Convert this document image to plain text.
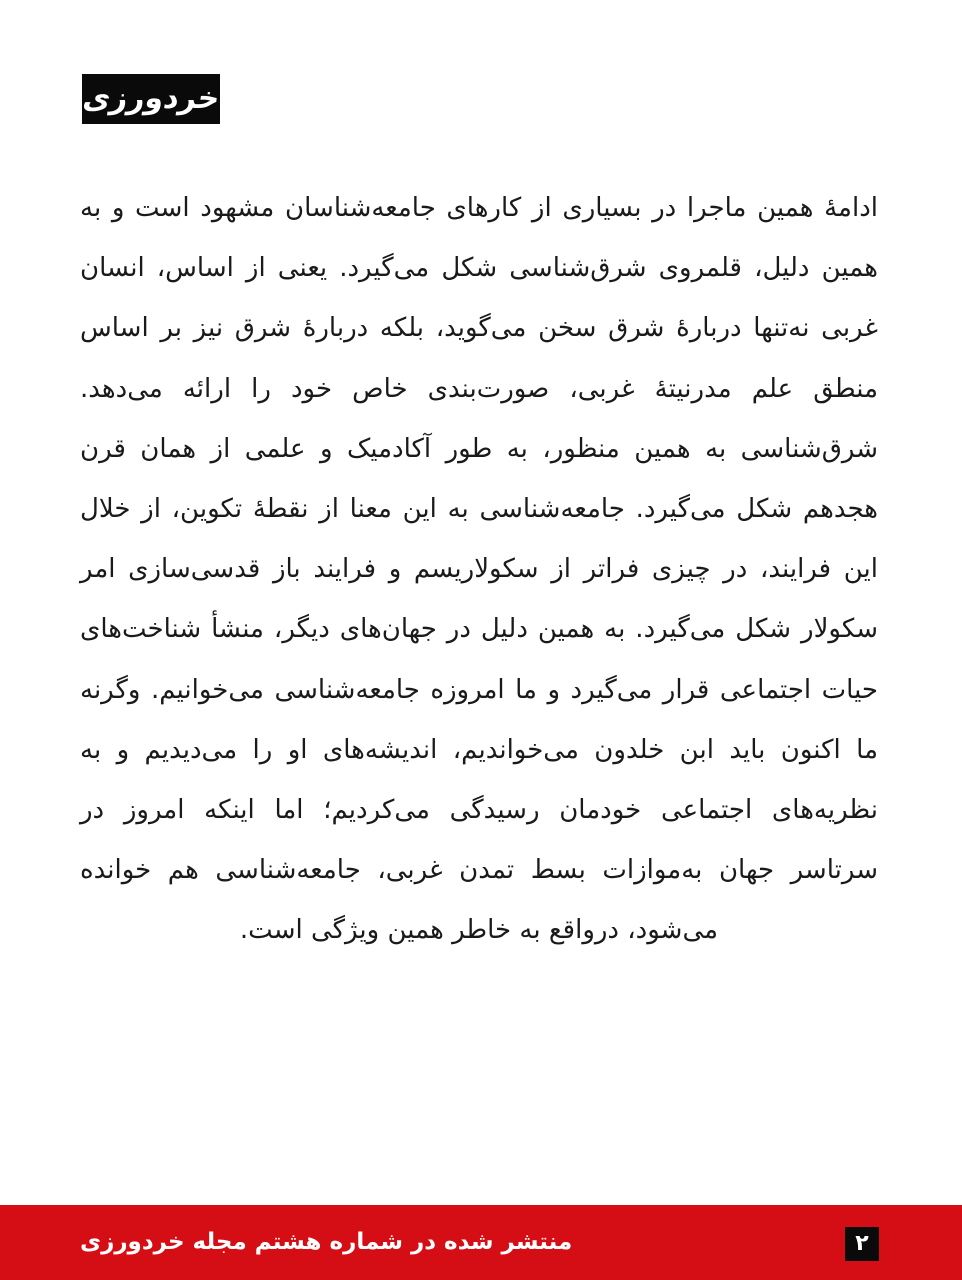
خردورزی

ادامهٔ همین ماجرا در بسیاری از کارهای جامعه‌شناسان مشهود است و به همین دلیل، قلمروی شرق‌شناسی شکل می‌گیرد. یعنی از اساس، انسان غربی نه‌تنها دربارهٔ شرق سخن می‌گوید، بلکه دربارهٔ شرق نیز بر اساس منطق علم مدرنیتهٔ غربی، صورت‌بندی خاص خود را ارائه می‌دهد. شرق‌شناسی به همین منظور، به طور آکادمیک و علمی از همان قرن هجدهم شکل می‌گیرد. جامعه‌شناسی به این معنا از نقطهٔ تکوین، از خلال این فرایند، در چیزی فراتر از سکولاریسم و فرایند باز قدسی‌سازی امر سکولار شکل می‌گیرد. به همین دلیل در جهان‌های دیگر، منشأ شناخت‌های حیات اجتماعی قرار می‌گیرد و ما امروزه جامعه‌شناسی می‌خوانیم. وگرنه ما اکنون باید ابن خلدون می‌خواندیم، اندیشه‌های او را می‌دیدیم و به نظریه‌های اجتماعی خودمان رسیدگی می‌کردیم؛ اما اینکه امروز در سرتاسر جهان به‌موازات بسط تمدن غربی، جامعه‌شناسی هم خوانده می‌شود، درواقع به خاطر همین ویژگی است.

منتشر شده در شماره هشتم مجله خردورزی	۲
